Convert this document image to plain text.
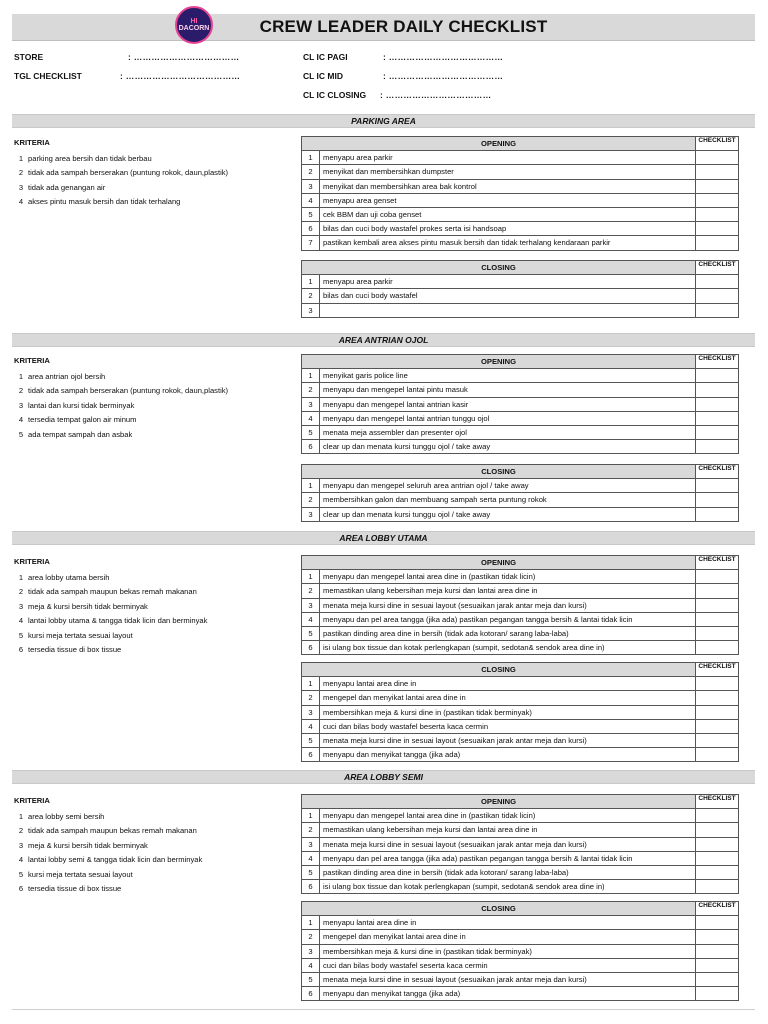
CREW LEADER DAILY CHECKLIST
HI
DACORN
STORE	: ………………………………
TGL CHECKLIST	: …………………………………
CL IC PAGI	: …………………………………
CL IC MID	: …………………………………
CL IC CLOSING : ………………………………
PARKING AREA
KRITERIA
1 parking area bersih dan tidak berbau
2 tidak ada sampah berserakan (puntung rokok, daun,plastik)
3 tidak ada genangan air
4 akses pintu masuk bersih dan tidak terhalang
OPENING		CHECKLIST
1	menyapu area parkir	
2	menyikat dan membersihkan dumpster	
3	menyikat dan membersihkan area bak kontrol	
4	menyapu area genset	
5	cek BBM dan uji coba genset	
6	bilas dan cuci body wastafel prokes serta isi handsoap	
7	pastikan kembali area akses pintu masuk bersih dan tidak terhalang kendaraan parkir	
CLOSING		CHECKLIST
1	menyapu area parkir	
2	bilas dan cuci body wastafel	
3		
AREA ANTRIAN OJOL
KRITERIA
1 area antrian ojol bersih
2 tidak ada sampah berserakan (puntung rokok, daun,plastik)
3 lantai dan kursi tidak berminyak
4 tersedia tempat galon air minum
5 ada tempat sampah dan asbak
OPENING		CHECKLIST
1	menyikat garis police line	
2	menyapu dan mengepel lantai pintu masuk	
3	menyapu dan mengepel lantai antrian kasir	
4	menyapu dan mengepel lantai antrian tunggu ojol	
5	menata meja assembler dan presenter ojol	
6	clear up dan menata kursi tunggu ojol / take away	
CLOSING		CHECKLIST
1	menyapu dan mengepel seluruh area antrian ojol / take away	
2	membersihkan galon dan membuang sampah serta puntung rokok	
3	clear up dan menata kursi tunggu ojol / take away	
AREA LOBBY UTAMA
KRITERIA
1 area lobby utama bersih
2 tidak ada sampah maupun bekas remah makanan
3 meja & kursi bersih tidak berminyak
4 lantai lobby utama & tangga tidak licin dan berminyak
5 kursi meja tertata sesuai layout
6 tersedia tissue di box tissue
OPENING		CHECKLIST
1	menyapu dan mengepel lantai area dine in (pastikan tidak licin)	
2	memastikan ulang kebersihan meja kursi dan lantai area dine in	
3	menata meja kursi dine in sesuai layout (sesuaikan jarak antar meja dan kursi)	
4	menyapu dan pel area tangga (jika ada) pastikan pegangan tangga bersih & lantai tidak licin	
5	pastikan dinding area dine in bersih (tidak ada kotoran/ sarang laba-laba)	
6	isi ulang box tissue dan kotak perlengkapan (sumpit, sedotan& sendok area dine in)	
CLOSING		CHECKLIST
1	menyapu lantai area dine in	
2	mengepel dan menyikat lantai area dine in	
3	membersihkan meja & kursi dine in (pastikan tidak berminyak)	
4	cuci dan bilas body wastafel beserta kaca cermin	
5	menata meja kursi dine in sesuai layout (sesuaikan jarak antar meja dan kursi)	
6	menyapu dan menyikat tangga (jika ada)	
AREA LOBBY SEMI
KRITERIA
1 area lobby semi bersih
2 tidak ada sampah maupun bekas remah makanan
3 meja & kursi bersih tidak berminyak
4 lantai lobby semi & tangga tidak licin dan berminyak
5 kursi meja tertata sesuai layout
6 tersedia tissue di box tissue
OPENING		CHECKLIST
1	menyapu dan mengepel lantai area dine in (pastikan tidak licin)	
2	memastikan ulang kebersihan meja kursi dan lantai area dine in	
3	menata meja kursi dine in sesuai layout (sesuaikan jarak antar meja dan kursi)	
4	menyapu dan pel area tangga (jika ada) pastikan pegangan tangga bersih & lantai tidak licin	
5	pastikan dinding area dine in bersih (tidak ada kotoran/ sarang laba-laba)	
6	isi ulang box tissue dan kotak perlengkapan (sumpit, sedotan& sendok area dine in)	
CLOSING		CHECKLIST
1	menyapu lantai area dine in	
2	mengepel dan menyikat lantai area dine in	
3	membersihkan meja & kursi dine in (pastikan tidak berminyak)	
4	cuci dan bilas body wastafel seserta kaca cermin	
5	menata meja kursi dine in sesuai layout (sesuaikan jarak antar meja dan kursi)	
6	menyapu dan menyikat tangga (jika ada)	
